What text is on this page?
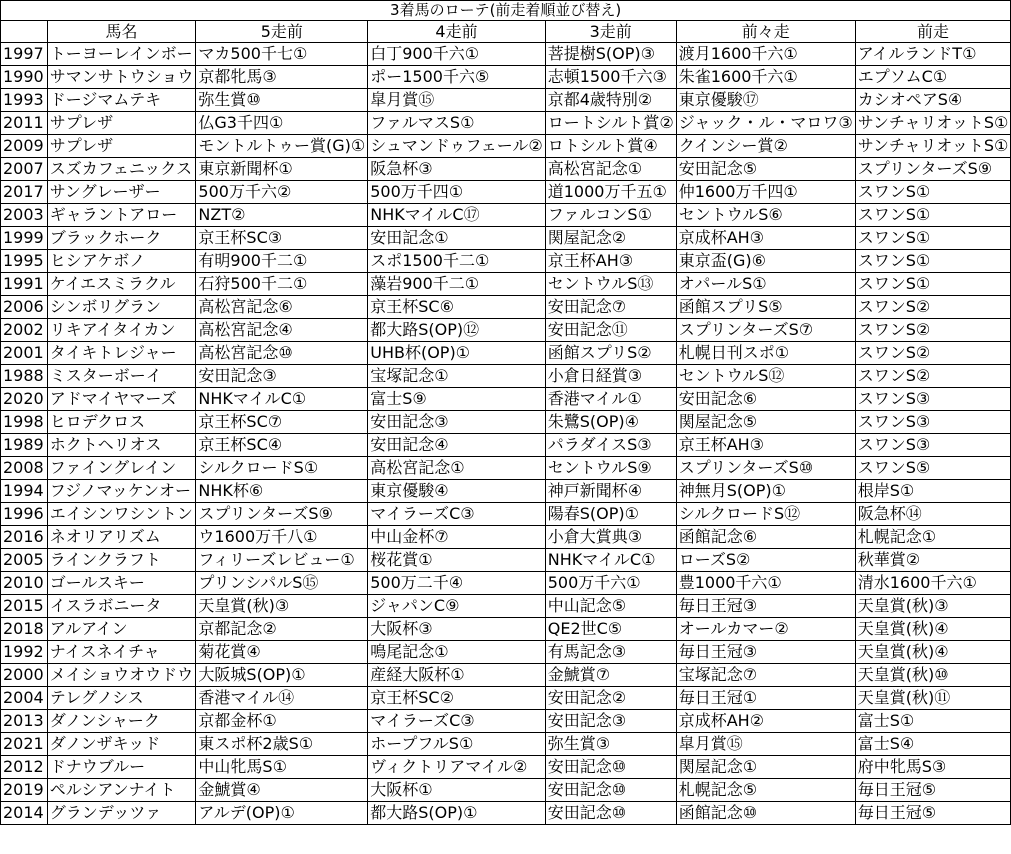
3着馬のローテ(前走着順並び替え)						
	馬名	5走前	4走前	3走前	前々走	前走
1997	トーヨーレインボー	マカ500千七①	白丁900千六①	菩提樹S(OP)③	渡月1600千六①	アイルランドT①
1990	サマンサトウショウ	京都牝馬③	ポー1500千六⑤	志頓1500千六③	朱雀1600千六①	エプソムC①
1993	ドージマムテキ	弥生賞⑩	皐月賞⑮	京都4歳特別②	東京優駿⑰	カシオペアS④
2011	サプレザ	仏G3千四①	ファルマスS①	ロートシルト賞②	ジャック・ル・マロワ③	サンチャリオットS①
2009	サプレザ	モントルトゥー賞(G)①	シュマンドゥフェール②	ロトシルト賞④	クインシー賞②	サンチャリオットS①
2007	スズカフェニックス	東京新聞杯①	阪急杯③	高松宮記念①	安田記念⑤	スプリンターズS⑨
2017	サングレーザー	500万千六②	500万千四①	道1000万千五①	仲1600万千四①	スワンS①
2003	ギャラントアロー	NZT②	NHKマイルC⑰	ファルコンS①	セントウルS⑥	スワンS①
1999	ブラックホーク	京王杯SC③	安田記念①	関屋記念②	京成杯AH③	スワンS①
1995	ヒシアケボノ	有明900千二①	スポ1500千二①	京王杯AH③	東京盃(G)⑥	スワンS①
1991	ケイエスミラクル	石狩500千二①	藻岩900千二①	セントウルS⑬	オパールS①	スワンS①
2006	シンボリグラン	高松宮記念⑥	京王杯SC⑥	安田記念⑦	函館スプリS⑤	スワンS②
2002	リキアイタイカン	高松宮記念④	都大路S(OP)⑫	安田記念⑪	スプリンターズS⑦	スワンS②
2001	タイキトレジャー	高松宮記念⑩	UHB杯(OP)①	函館スプリS②	札幌日刊スポ①	スワンS②
1988	ミスターボーイ	安田記念③	宝塚記念①	小倉日経賞③	セントウルS⑫	スワンS②
2020	アドマイヤマーズ	NHKマイルC①	富士S⑨	香港マイル①	安田記念⑥	スワンS③
1998	ヒロデクロス	京王杯SC⑦	安田記念③	朱鷺S(OP)④	関屋記念⑤	スワンS③
1989	ホクトヘリオス	京王杯SC④	安田記念④	パラダイスS③	京王杯AH③	スワンS③
2008	ファイングレイン	シルクロードS①	高松宮記念①	セントウルS⑨	スプリンターズS⑩	スワンS⑤
1994	フジノマッケンオー	NHK杯⑥	東京優駿④	神戸新聞杯④	神無月S(OP)①	根岸S①
1996	エイシンワシントン	スプリンターズS⑨	マイラーズC③	陽春S(OP)①	シルクロードS⑫	阪急杯⑭
2016	ネオリアリズム	ウ1600万千八①	中山金杯⑦	小倉大賞典③	函館記念⑥	札幌記念①
2005	ラインクラフト	フィリーズレビュー①	桜花賞①	NHKマイルC①	ローズS②	秋華賞②
2010	ゴールスキー	プリンシパルS⑮	500万二千④	500万千六①	豊1000千六①	清水1600千六①
2015	イスラボニータ	天皇賞(秋)③	ジャパンC⑨	中山記念⑤	毎日王冠③	天皇賞(秋)③
2018	アルアイン	京都記念②	大阪杯③	QE2世C⑤	オールカマー②	天皇賞(秋)④
1992	ナイスネイチャ	菊花賞④	鳴尾記念①	有馬記念③	毎日王冠③	天皇賞(秋)④
2000	メイショウオウドウ	大阪城S(OP)①	産経大阪杯①	金鯱賞⑦	宝塚記念⑦	天皇賞(秋)⑩
2004	テレグノシス	香港マイル⑭	京王杯SC②	安田記念②	毎日王冠①	天皇賞(秋)⑪
2013	ダノンシャーク	京都金杯①	マイラーズC③	安田記念③	京成杯AH②	富士S①
2021	ダノンザキッド	東スポ杯2歳S①	ホープフルS①	弥生賞③	皐月賞⑮	富士S④
2012	ドナウブルー	中山牝馬S①	ヴィクトリアマイル②	安田記念⑩	関屋記念①	府中牝馬S③
2019	ペルシアンナイト	金鯱賞④	大阪杯①	安田記念⑩	札幌記念⑤	毎日王冠⑤
2014	グランデッツァ	アルデ(OP)①	都大路S(OP)①	安田記念⑩	函館記念⑩	毎日王冠⑤
